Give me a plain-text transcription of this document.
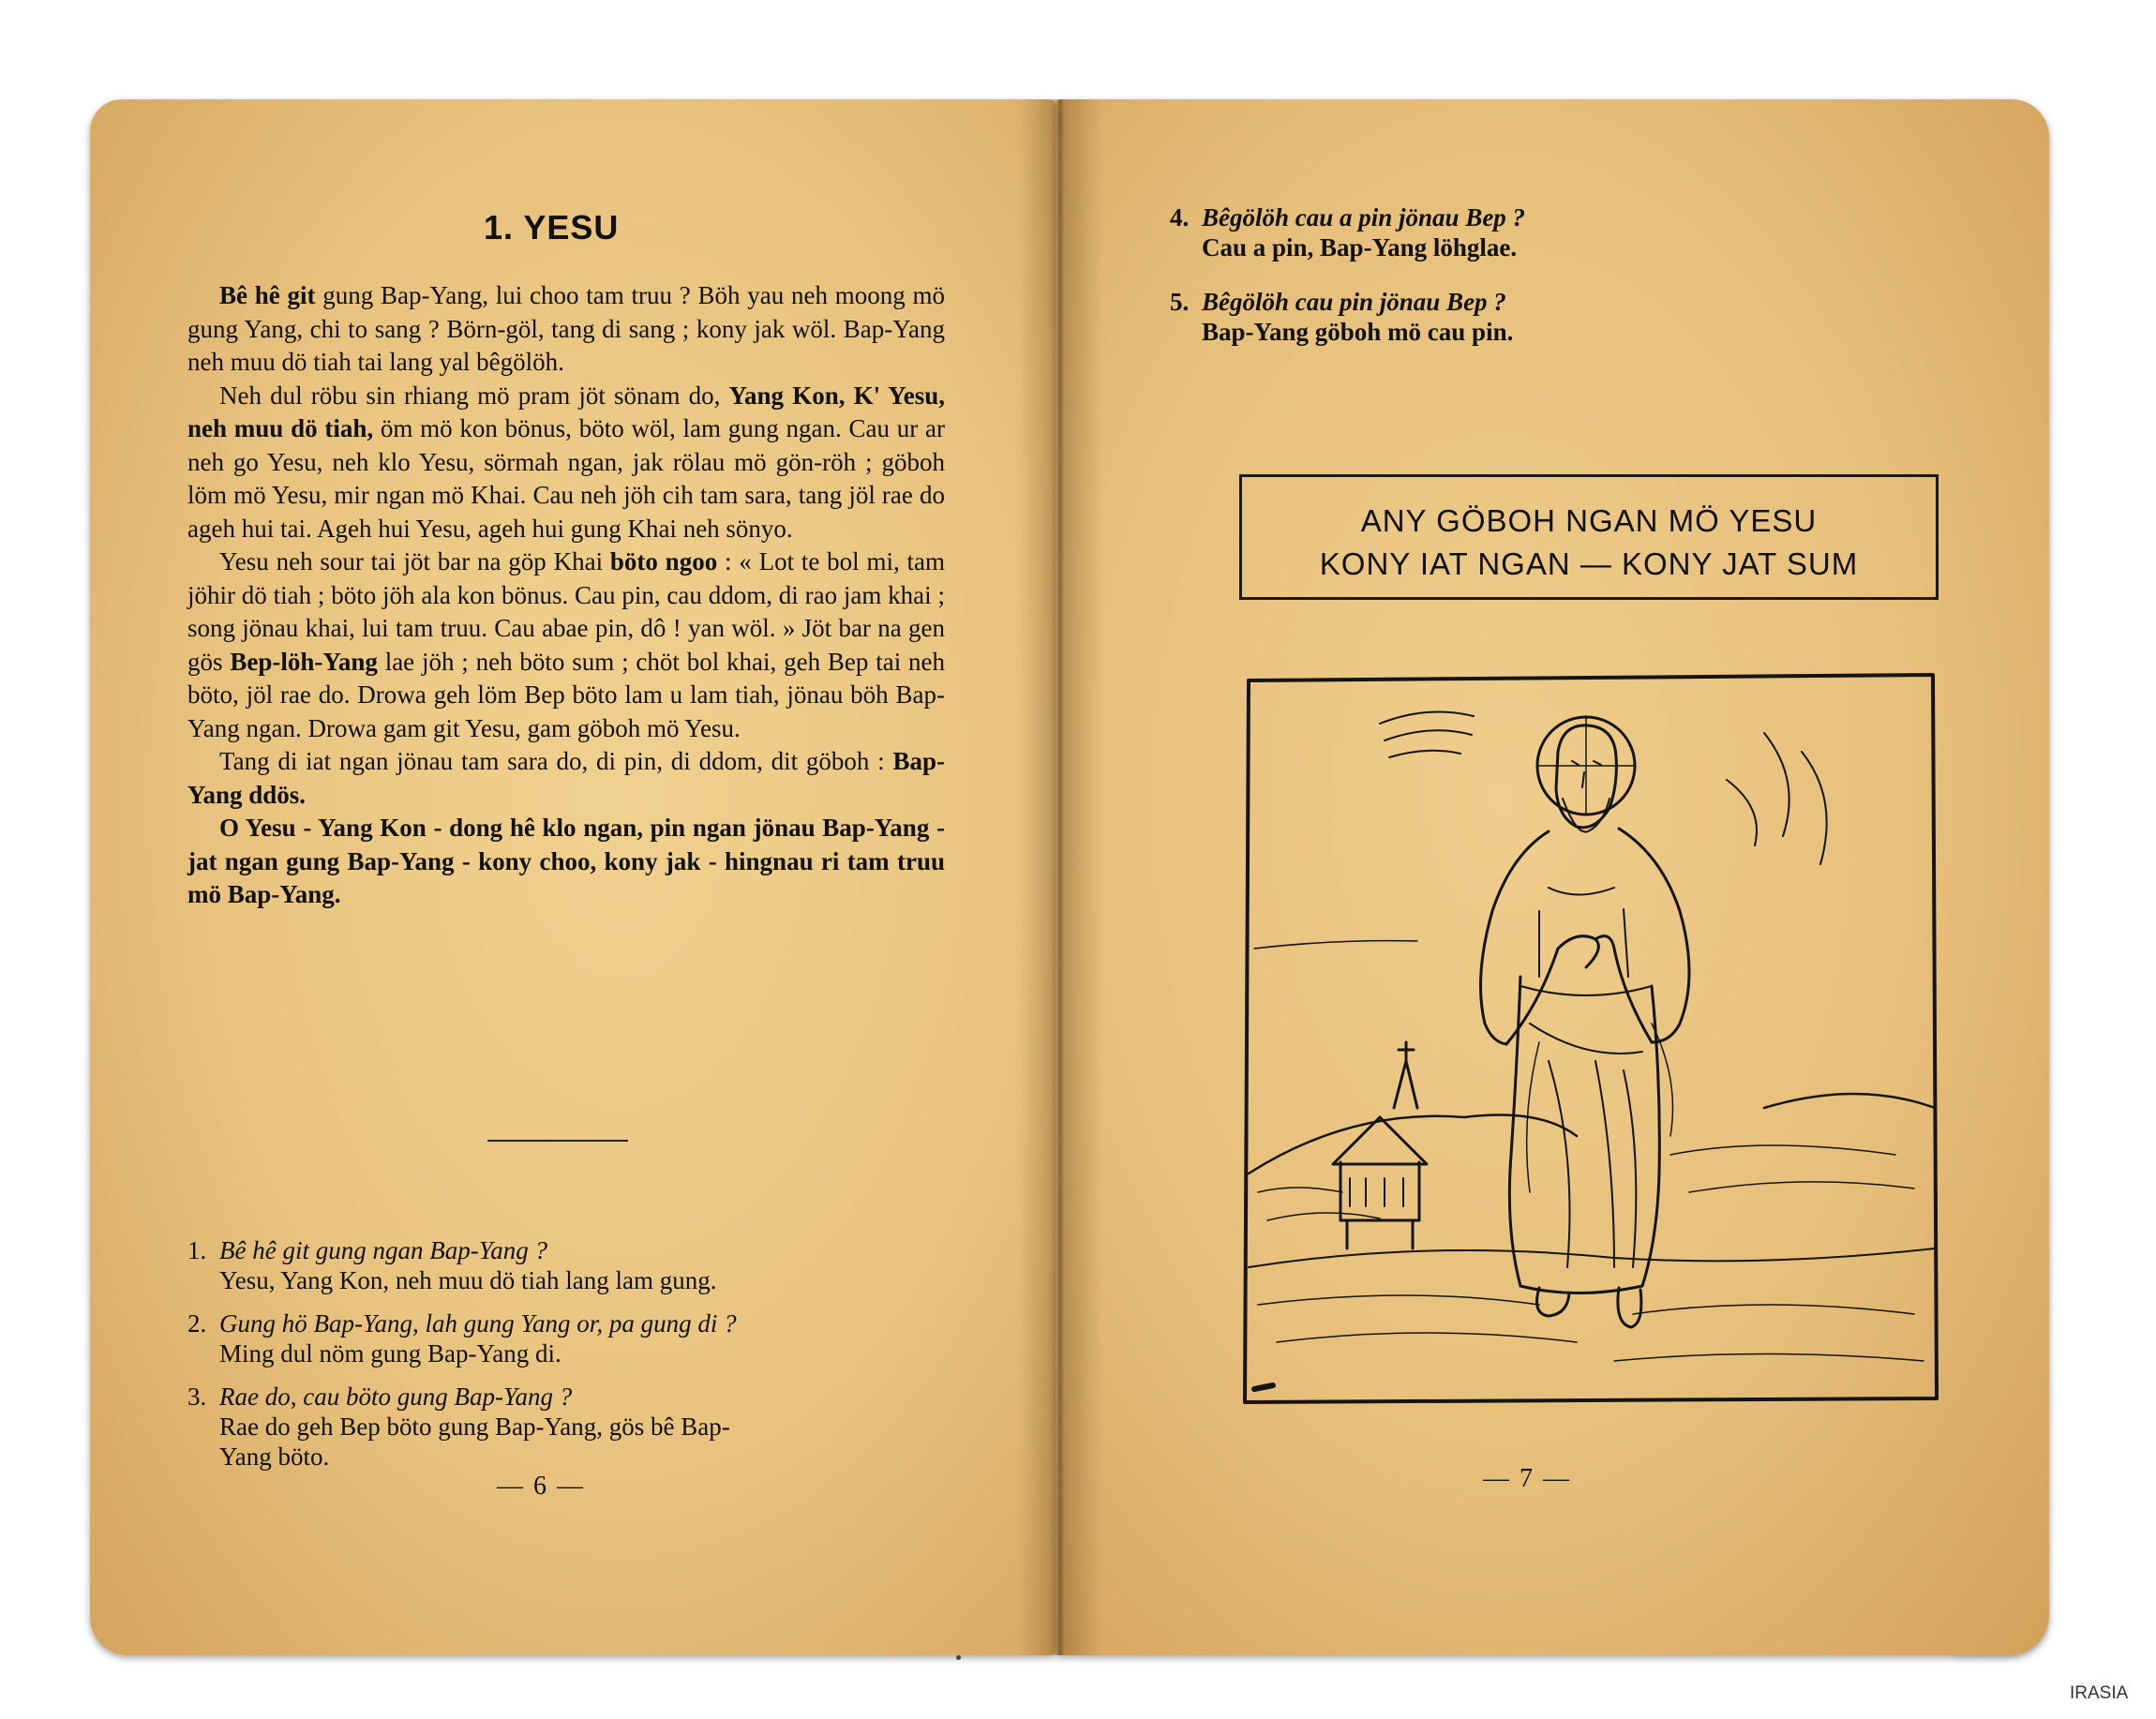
1. YESU

Bê hê git gung Bap-Yang, lui choo tam truu ? Böh yau neh moong mö gung Yang, chi to sang ? Börn-göl, tang di sang ; kony jak wöl. Bap-Yang neh muu dö tiah tai lang yal bêgölöh.

Neh dul röbu sin rhiang mö pram jöt sönam do, Yang Kon, K' Yesu, neh muu dö tiah, öm mö kon bönus, böto wöl, lam gung ngan. Cau ur ar neh go Yesu, neh klo Yesu, sörmah ngan, jak rölau mö gön-röh ; göboh löm mö Yesu, mir ngan mö Khai. Cau neh jöh cih tam sara, tang jöl rae do ageh hui tai. Ageh hui Yesu, ageh hui gung Khai neh sönyo.

Yesu neh sour tai jöt bar na göp Khai böto ngoo : « Lot te bol mi, tam jöhir dö tiah ; böto jöh ala kon bönus. Cau pin, cau ddom, di rao jam khai ; song jönau khai, lui tam truu. Cau abae pin, dô ! yan wöl. » Jöt bar na gen gös Bep-löh-Yang lae jöh ; neh böto sum ; chöt bol khai, geh Bep tai neh böto, jöl rae do. Drowa geh löm Bep böto lam u lam tiah, jönau böh Bap-Yang ngan. Drowa gam git Yesu, gam göboh mö Yesu.

Tang di iat ngan jönau tam sara do, di pin, di ddom, dit göboh : Bap-Yang ddös.

O Yesu - Yang Kon - dong hê klo ngan, pin ngan jönau Bap-Yang - jat ngan gung Bap-Yang - kony choo, kony jak - hingnau ri tam truu mö Bap-Yang.

1. Bê hê git gung ngan Bap-Yang ?
Yesu, Yang Kon, neh muu dö tiah lang lam gung.
2. Gung hö Bap-Yang, lah gung Yang or, pa gung di ?
Ming dul nöm gung Bap-Yang di.
3. Rae do, cau böto gung Bap-Yang ?
Rae do geh Bep böto gung Bap-Yang, gös bê Bap-
Yang böto.
— 6 —
4. Bêgölöh cau a pin jönau Bep ?
Cau a pin, Bap-Yang löhglae.
5. Bêgölöh cau pin jönau Bep ?
Bap-Yang göboh mö cau pin.
ANY GÖBOH NGAN MÖ YESU
KONY IAT NGAN — KONY JAT SUM
— 7 —
IRASIA
